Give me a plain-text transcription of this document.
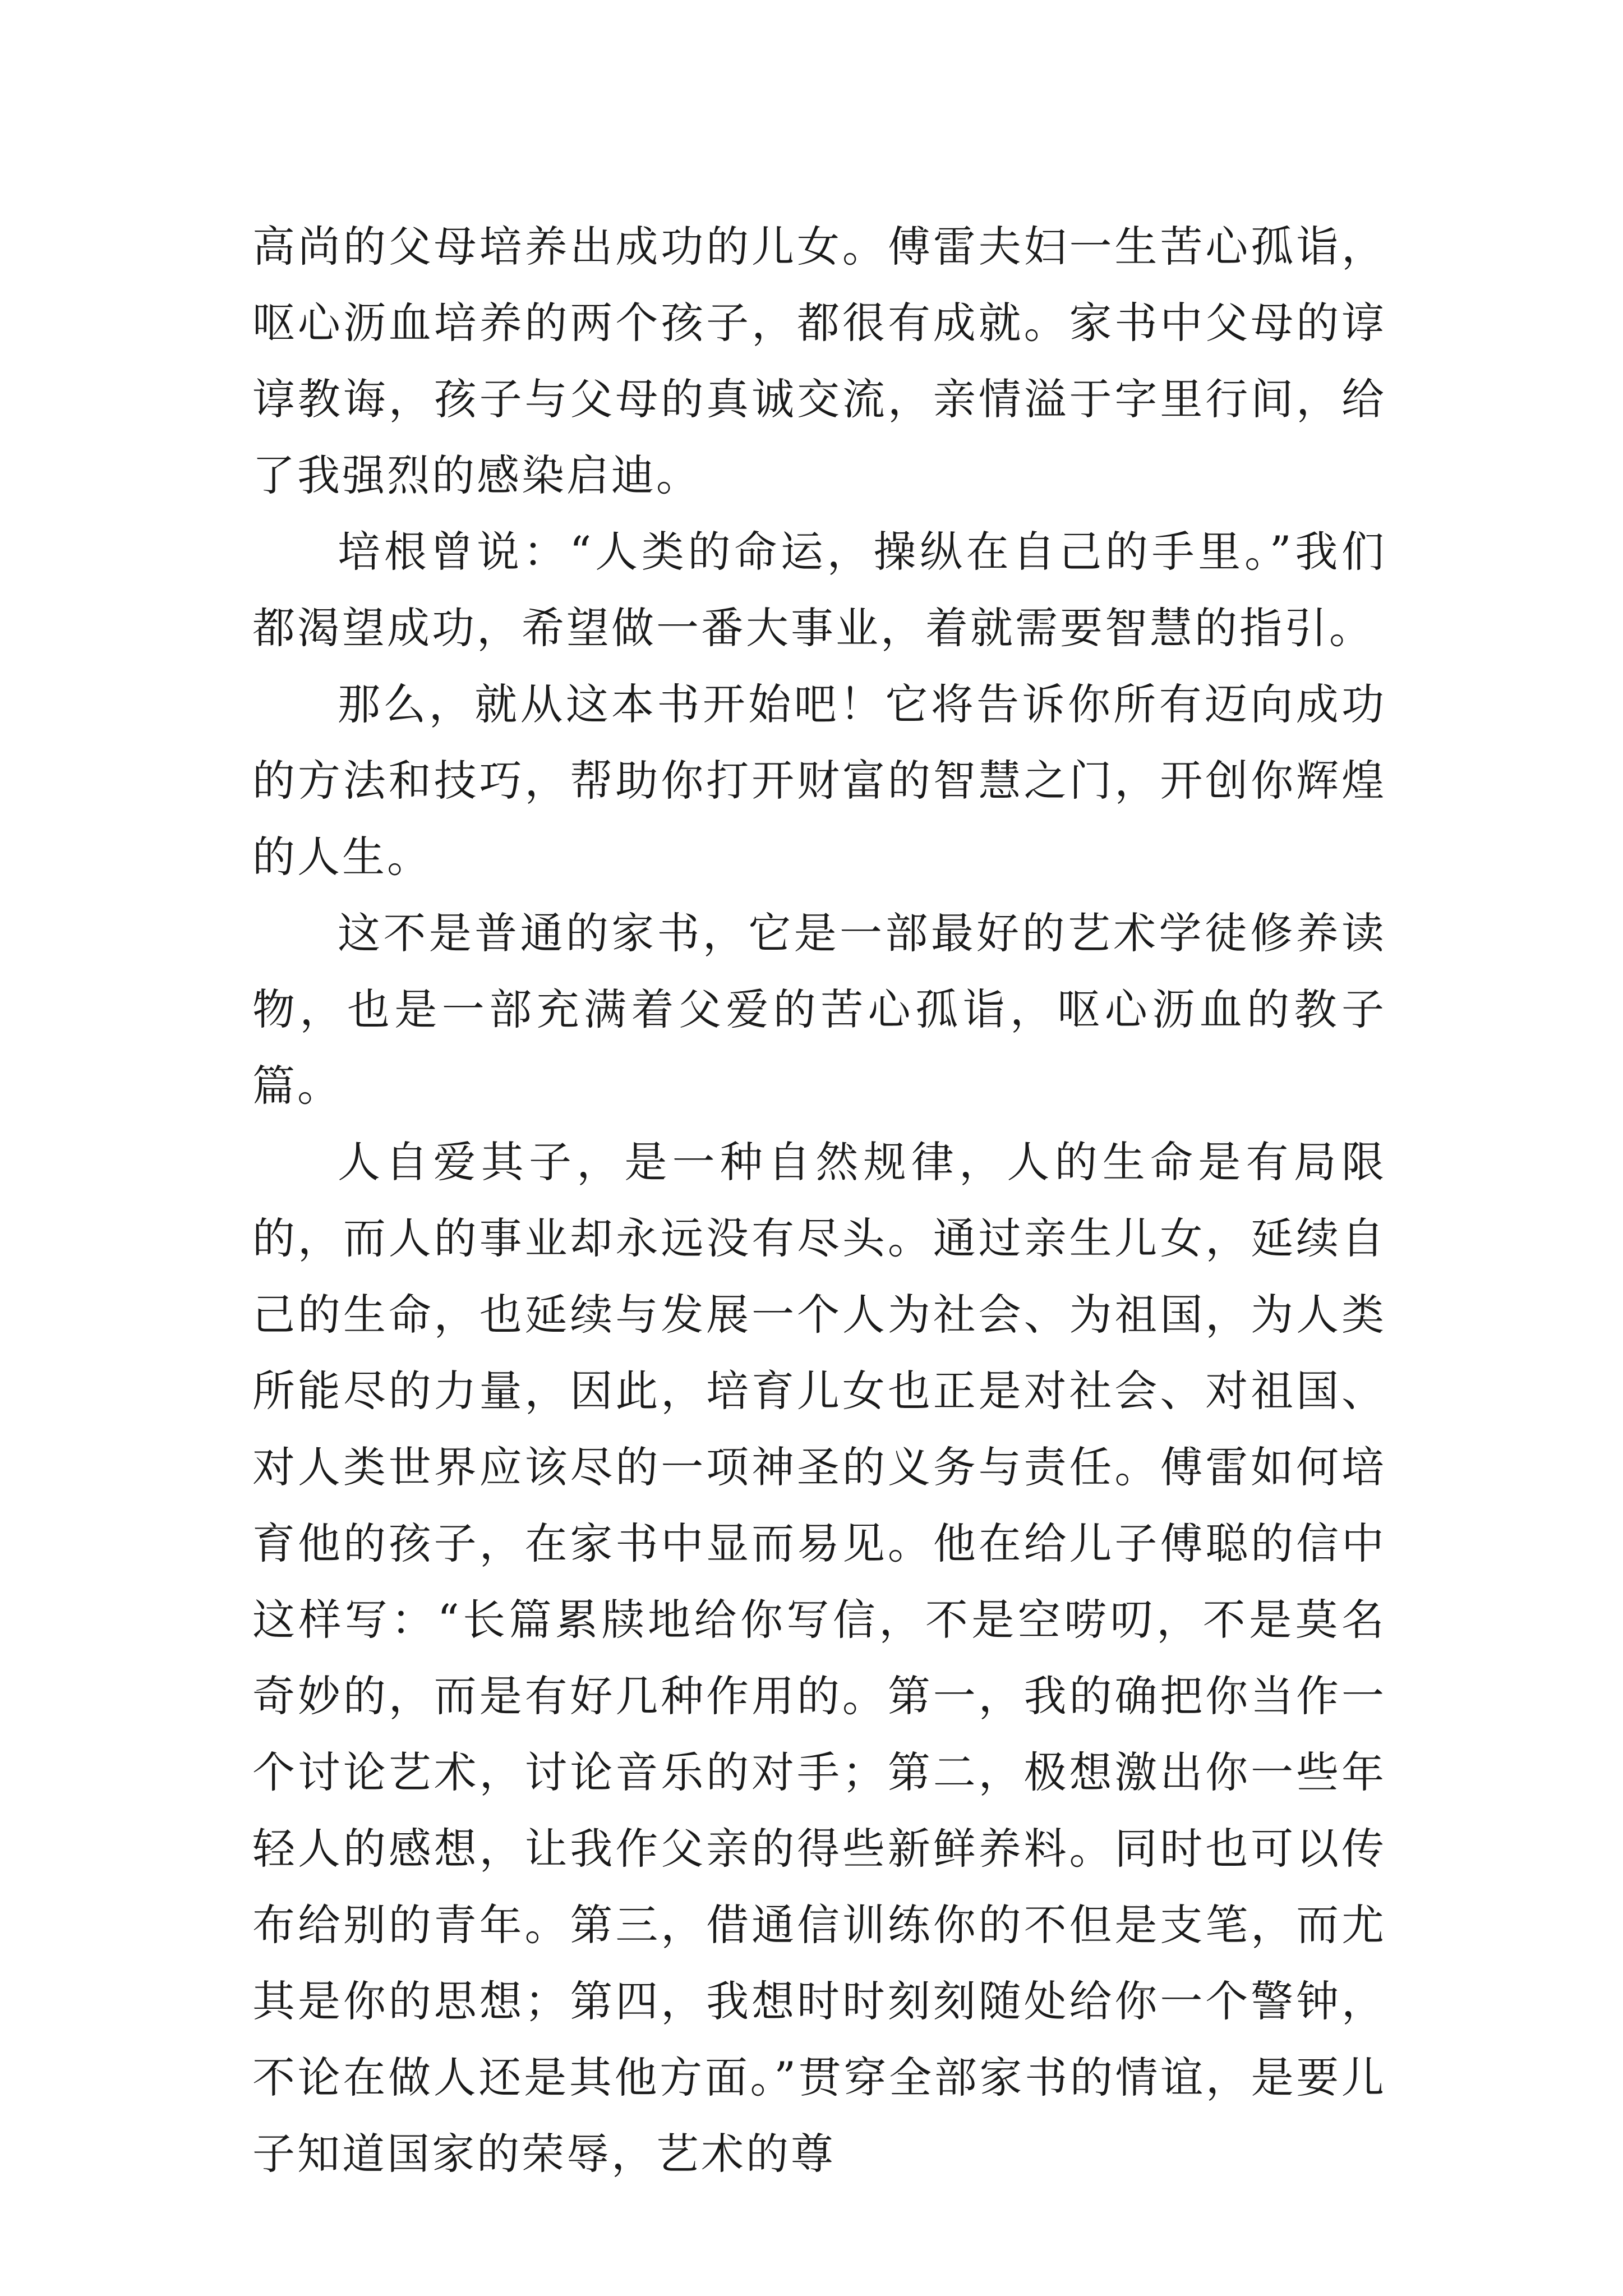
高尚的父母培养出成功的儿女。傅雷夫妇一生苦心孤诣，呕心沥血培养的两个孩子，都很有成就。家书中父母的谆谆教诲，孩子与父母的真诚交流，亲情溢于字里行间，给了我强烈的感染启迪。

培根曾说：“人类的命运，操纵在自己的手里。”我们都渴望成功，希望做一番大事业，着就需要智慧的指引。

那么，就从这本书开始吧！它将告诉你所有迈向成功的方法和技巧，帮助你打开财富的智慧之门，开创你辉煌的人生。

这不是普通的家书，它是一部最好的艺术学徒修养读物，也是一部充满着父爱的苦心孤诣，呕心沥血的教子篇。

人自爱其子，是一种自然规律，人的生命是有局限的，而人的事业却永远没有尽头。通过亲生儿女，延续自己的生命，也延续与发展一个人为社会、为祖国，为人类所能尽的力量，因此，培育儿女也正是对社会、对祖国、对人类世界应该尽的一项神圣的义务与责任。傅雷如何培育他的孩子，在家书中显而易见。他在给儿子傅聪的信中这样写：“长篇累牍地给你写信，不是空唠叨，不是莫名奇妙的，而是有好几种作用的。第一，我的确把你当作一个讨论艺术，讨论音乐的对手；第二，极想激出你一些年轻人的感想，让我作父亲的得些新鲜养料。同时也可以传布给别的青年。第三，借通信训练你的不但是支笔，而尤其是你的思想；第四，我想时时刻刻随处给你一个警钟，不论在做人还是其他方面。”贯穿全部家书的情谊，是要儿子知道国家的荣辱，艺术的尊
